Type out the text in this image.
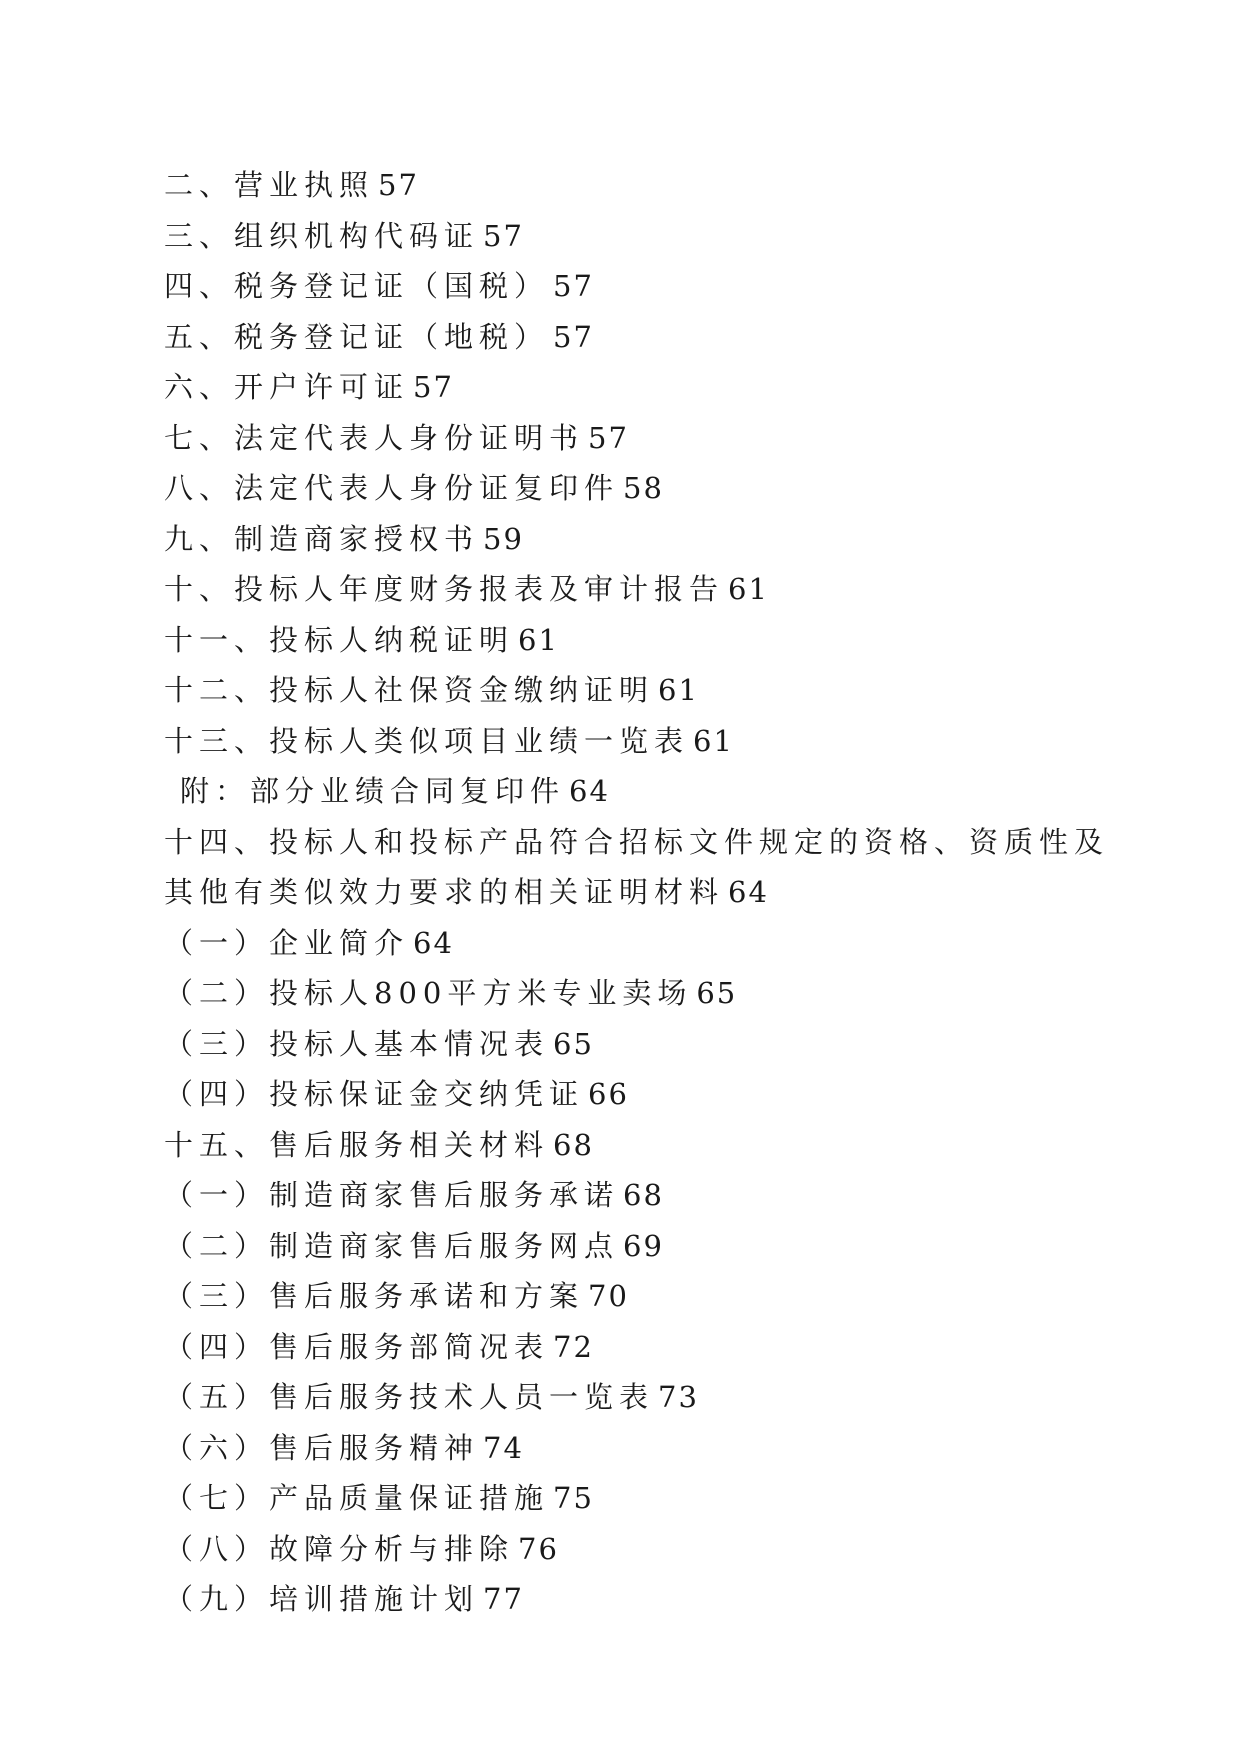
二、营业执照 57
三、组织机构代码证 57
四、税务登记证（国税） 57
五、税务登记证（地税） 57
六、开户许可证 57
七、法定代表人身份证明书 57
八、法定代表人身份证复印件 58
九、制造商家授权书 59
十、投标人年度财务报表及审计报告 61
十一、投标人纳税证明 61
十二、投标人社保资金缴纳证明 61
十三、投标人类似项目业绩一览表 61
附：部分业绩合同复印件 64
十四、投标人和投标产品符合招标文件规定的资格、资质性及其他有类似效力要求的相关证明材料 64
（一）企业简介 64
（二）投标人800平方米专业卖场 65
（三）投标人基本情况表 65
（四）投标保证金交纳凭证 66
十五、售后服务相关材料 68
（一）制造商家售后服务承诺 68
（二）制造商家售后服务网点 69
（三）售后服务承诺和方案 70
（四）售后服务部简况表 72
（五）售后服务技术人员一览表 73
（六）售后服务精神 74
（七）产品质量保证措施 75
（八）故障分析与排除 76
（九）培训措施计划 77
